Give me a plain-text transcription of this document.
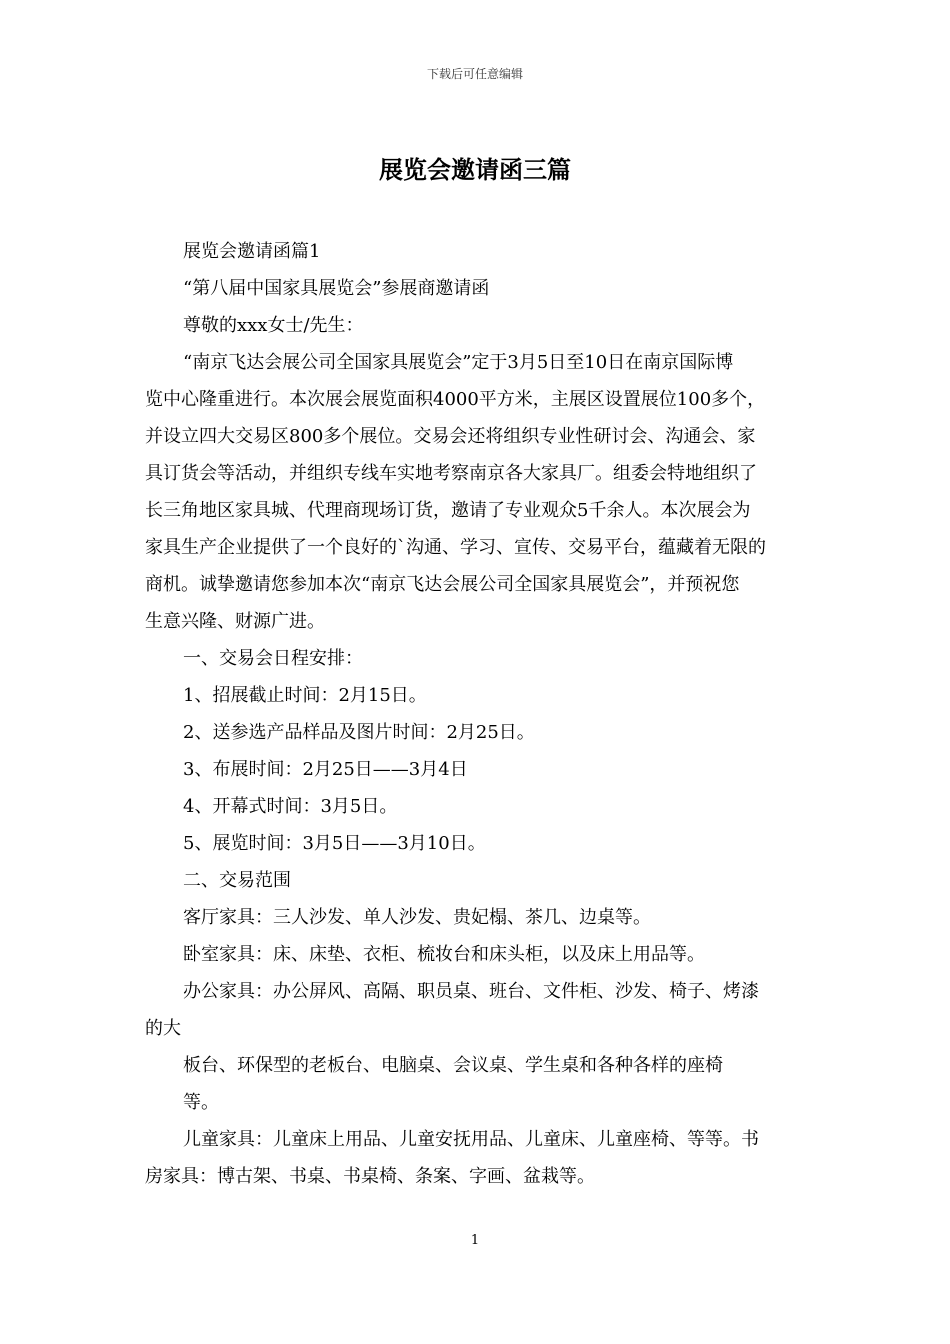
下载后可任意编辑
展览会邀请函三篇
展览会邀请函篇1
“第八届中国家具展览会”参展商邀请函
尊敬的xxx女士/先生：
“南京飞达会展公司全国家具展览会”定于3月5日至10日在南京国际博
览中心隆重进行。本次展会展览面积4000平方米，主展区设置展位100多个，
并设立四大交易区800多个展位。交易会还将组织专业性研讨会、沟通会、家
具订货会等活动，并组织专线车实地考察南京各大家具厂。组委会特地组织了
长三角地区家具城、代理商现场订货，邀请了专业观众5千余人。本次展会为
家具生产企业提供了一个良好的`沟通、学习、宣传、交易平台，蕴藏着无限的
商机。诚挚邀请您参加本次“南京飞达会展公司全国家具展览会”，并预祝您
生意兴隆、财源广进。
一、交易会日程安排：
1、招展截止时间：2月15日。
2、送参选产品样品及图片时间：2月25日。
3、布展时间：2月25日——3月4日
4、开幕式时间：3月5日。
5、展览时间：3月5日——3月10日。
二、交易范围
客厅家具：三人沙发、单人沙发、贵妃榻、茶几、边桌等。
卧室家具：床、床垫、衣柜、梳妆台和床头柜，以及床上用品等。
办公家具：办公屏风、高隔、职员桌、班台、文件柜、沙发、椅子、烤漆
的大
板台、环保型的老板台、电脑桌、会议桌、学生桌和各种各样的座椅
等。
儿童家具：儿童床上用品、儿童安抚用品、儿童床、儿童座椅、等等。书
房家具：博古架、书桌、书桌椅、条案、字画、盆栽等。
1
